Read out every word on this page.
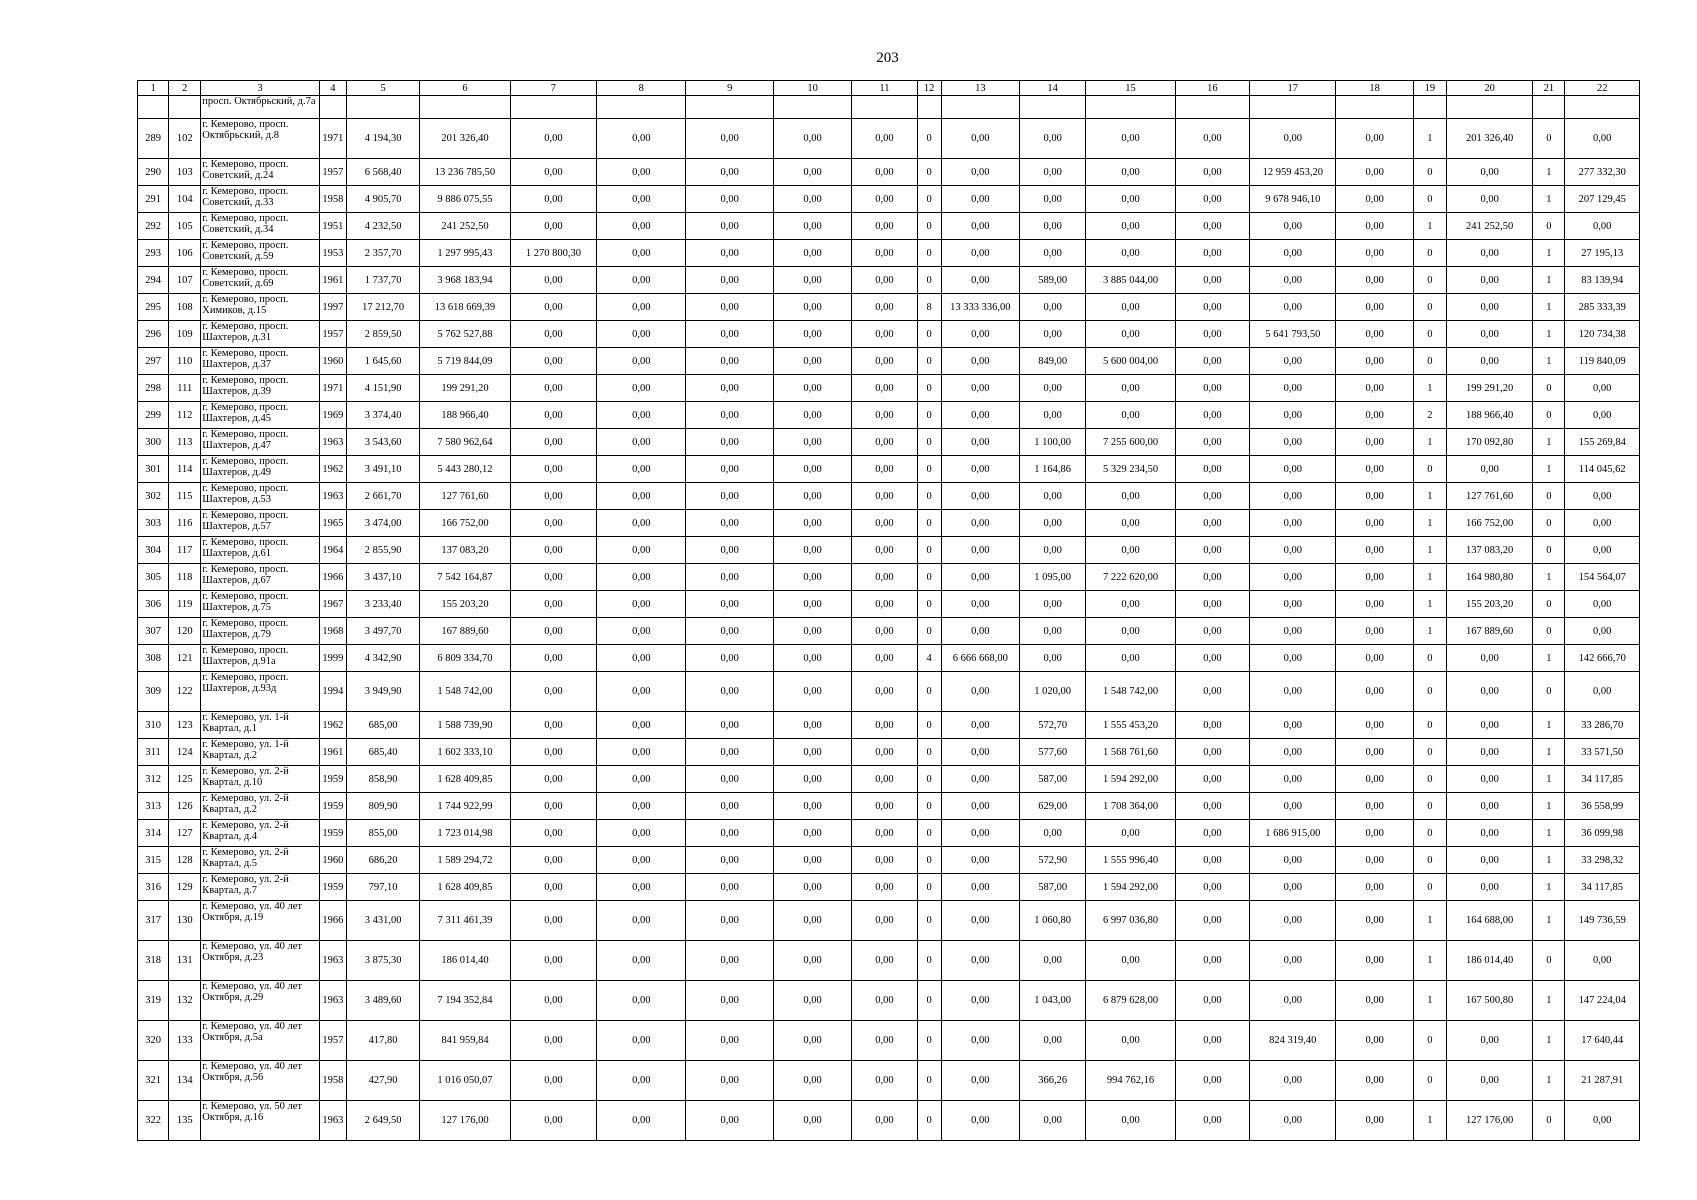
203
1	2	3	4	5	6	7	8	9	10	11	12	13	14	15	16	17	18	19	20	21	22
		просп. Октябрьский, д.7а																			
289	102	г. Кемерово, просп. Октябрьский, д.8	1971	4 194,30	201 326,40	0,00	0,00	0,00	0,00	0,00	0	0,00	0,00	0,00	0,00	0,00	0,00	1	201 326,40	0	0,00
290	103	г. Кемерово, просп. Советский, д.24	1957	6 568,40	13 236 785,50	0,00	0,00	0,00	0,00	0,00	0	0,00	0,00	0,00	0,00	12 959 453,20	0,00	0	0,00	1	277 332,30
291	104	г. Кемерово, просп. Советский, д.33	1958	4 905,70	9 886 075,55	0,00	0,00	0,00	0,00	0,00	0	0,00	0,00	0,00	0,00	9 678 946,10	0,00	0	0,00	1	207 129,45
292	105	г. Кемерово, просп. Советский, д.34	1951	4 232,50	241 252,50	0,00	0,00	0,00	0,00	0,00	0	0,00	0,00	0,00	0,00	0,00	0,00	1	241 252,50	0	0,00
293	106	г. Кемерово, просп. Советский, д.59	1953	2 357,70	1 297 995,43	1 270 800,30	0,00	0,00	0,00	0,00	0	0,00	0,00	0,00	0,00	0,00	0,00	0	0,00	1	27 195,13
294	107	г. Кемерово, просп. Советский, д.69	1961	1 737,70	3 968 183,94	0,00	0,00	0,00	0,00	0,00	0	0,00	589,00	3 885 044,00	0,00	0,00	0,00	0	0,00	1	83 139,94
295	108	г. Кемерово, просп. Химиков, д.15	1997	17 212,70	13 618 669,39	0,00	0,00	0,00	0,00	0,00	8	13 333 336,00	0,00	0,00	0,00	0,00	0,00	0	0,00	1	285 333,39
296	109	г. Кемерово, просп. Шахтеров, д.31	1957	2 859,50	5 762 527,88	0,00	0,00	0,00	0,00	0,00	0	0,00	0,00	0,00	0,00	5 641 793,50	0,00	0	0,00	1	120 734,38
297	110	г. Кемерово, просп. Шахтеров, д.37	1960	1 645,60	5 719 844,09	0,00	0,00	0,00	0,00	0,00	0	0,00	849,00	5 600 004,00	0,00	0,00	0,00	0	0,00	1	119 840,09
298	111	г. Кемерово, просп. Шахтеров, д.39	1971	4 151,90	199 291,20	0,00	0,00	0,00	0,00	0,00	0	0,00	0,00	0,00	0,00	0,00	0,00	1	199 291,20	0	0,00
299	112	г. Кемерово, просп. Шахтеров, д.45	1969	3 374,40	188 966,40	0,00	0,00	0,00	0,00	0,00	0	0,00	0,00	0,00	0,00	0,00	0,00	2	188 966,40	0	0,00
300	113	г. Кемерово, просп. Шахтеров, д.47	1963	3 543,60	7 580 962,64	0,00	0,00	0,00	0,00	0,00	0	0,00	1 100,00	7 255 600,00	0,00	0,00	0,00	1	170 092,80	1	155 269,84
301	114	г. Кемерово, просп. Шахтеров, д.49	1962	3 491,10	5 443 280,12	0,00	0,00	0,00	0,00	0,00	0	0,00	1 164,86	5 329 234,50	0,00	0,00	0,00	0	0,00	1	114 045,62
302	115	г. Кемерово, просп. Шахтеров, д.53	1963	2 661,70	127 761,60	0,00	0,00	0,00	0,00	0,00	0	0,00	0,00	0,00	0,00	0,00	0,00	1	127 761,60	0	0,00
303	116	г. Кемерово, просп. Шахтеров, д.57	1965	3 474,00	166 752,00	0,00	0,00	0,00	0,00	0,00	0	0,00	0,00	0,00	0,00	0,00	0,00	1	166 752,00	0	0,00
304	117	г. Кемерово, просп. Шахтеров, д.61	1964	2 855,90	137 083,20	0,00	0,00	0,00	0,00	0,00	0	0,00	0,00	0,00	0,00	0,00	0,00	1	137 083,20	0	0,00
305	118	г. Кемерово, просп. Шахтеров, д.67	1966	3 437,10	7 542 164,87	0,00	0,00	0,00	0,00	0,00	0	0,00	1 095,00	7 222 620,00	0,00	0,00	0,00	1	164 980,80	1	154 564,07
306	119	г. Кемерово, просп. Шахтеров, д.75	1967	3 233,40	155 203,20	0,00	0,00	0,00	0,00	0,00	0	0,00	0,00	0,00	0,00	0,00	0,00	1	155 203,20	0	0,00
307	120	г. Кемерово, просп. Шахтеров, д.79	1968	3 497,70	167 889,60	0,00	0,00	0,00	0,00	0,00	0	0,00	0,00	0,00	0,00	0,00	0,00	1	167 889,60	0	0,00
308	121	г. Кемерово, просп. Шахтеров, д.91а	1999	4 342,90	6 809 334,70	0,00	0,00	0,00	0,00	0,00	4	6 666 668,00	0,00	0,00	0,00	0,00	0,00	0	0,00	1	142 666,70
309	122	г. Кемерово, просп. Шахтеров, д.93д	1994	3 949,90	1 548 742,00	0,00	0,00	0,00	0,00	0,00	0	0,00	1 020,00	1 548 742,00	0,00	0,00	0,00	0	0,00	0	0,00
310	123	г. Кемерово, ул. 1-й Квартал, д.1	1962	685,00	1 588 739,90	0,00	0,00	0,00	0,00	0,00	0	0,00	572,70	1 555 453,20	0,00	0,00	0,00	0	0,00	1	33 286,70
311	124	г. Кемерово, ул. 1-й Квартал, д.2	1961	685,40	1 602 333,10	0,00	0,00	0,00	0,00	0,00	0	0,00	577,60	1 568 761,60	0,00	0,00	0,00	0	0,00	1	33 571,50
312	125	г. Кемерово, ул. 2-й Квартал, д.10	1959	858,90	1 628 409,85	0,00	0,00	0,00	0,00	0,00	0	0,00	587,00	1 594 292,00	0,00	0,00	0,00	0	0,00	1	34 117,85
313	126	г. Кемерово, ул. 2-й Квартал, д.2	1959	809,90	1 744 922,99	0,00	0,00	0,00	0,00	0,00	0	0,00	629,00	1 708 364,00	0,00	0,00	0,00	0	0,00	1	36 558,99
314	127	г. Кемерово, ул. 2-й Квартал, д.4	1959	855,00	1 723 014,98	0,00	0,00	0,00	0,00	0,00	0	0,00	0,00	0,00	0,00	1 686 915,00	0,00	0	0,00	1	36 099,98
315	128	г. Кемерово, ул. 2-й Квартал, д.5	1960	686,20	1 589 294,72	0,00	0,00	0,00	0,00	0,00	0	0,00	572,90	1 555 996,40	0,00	0,00	0,00	0	0,00	1	33 298,32
316	129	г. Кемерово, ул. 2-й Квартал, д.7	1959	797,10	1 628 409,85	0,00	0,00	0,00	0,00	0,00	0	0,00	587,00	1 594 292,00	0,00	0,00	0,00	0	0,00	1	34 117,85
317	130	г. Кемерово, ул. 40 лет Октября, д.19	1966	3 431,00	7 311 461,39	0,00	0,00	0,00	0,00	0,00	0	0,00	1 060,80	6 997 036,80	0,00	0,00	0,00	1	164 688,00	1	149 736,59
318	131	г. Кемерово, ул. 40 лет Октября, д.23	1963	3 875,30	186 014,40	0,00	0,00	0,00	0,00	0,00	0	0,00	0,00	0,00	0,00	0,00	0,00	1	186 014,40	0	0,00
319	132	г. Кемерово, ул. 40 лет Октября, д.29	1963	3 489,60	7 194 352,84	0,00	0,00	0,00	0,00	0,00	0	0,00	1 043,00	6 879 628,00	0,00	0,00	0,00	1	167 500,80	1	147 224,04
320	133	г. Кемерово, ул. 40 лет Октября, д.5а	1957	417,80	841 959,84	0,00	0,00	0,00	0,00	0,00	0	0,00	0,00	0,00	0,00	824 319,40	0,00	0	0,00	1	17 640,44
321	134	г. Кемерово, ул. 40 лет Октября, д.56	1958	427,90	1 016 050,07	0,00	0,00	0,00	0,00	0,00	0	0,00	366,26	994 762,16	0,00	0,00	0,00	0	0,00	1	21 287,91
322	135	г. Кемерово, ул. 50 лет Октября, д.16	1963	2 649,50	127 176,00	0,00	0,00	0,00	0,00	0,00	0	0,00	0,00	0,00	0,00	0,00	0,00	1	127 176,00	0	0,00
